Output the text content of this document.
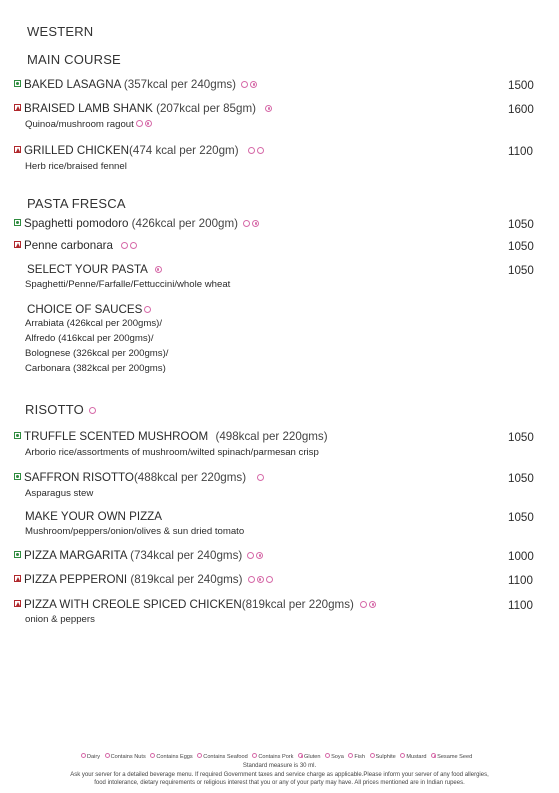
WESTERN
MAIN COURSE
BAKED LASAGNA (357kcal per 240gms)	1500
BRAISED LAMB SHANK (207kcal per 85gm)
Quinoa/mushroom ragout
1600
GRILLED CHICKEN(474 kcal per 220gm)
Herb rice/braised fennel
1100
PASTA FRESCA
Spaghetti pomodoro (426kcal per 200gm)	1050
Penne carbonara	1050
SELECT YOUR PASTA
Spaghetti/Penne/Farfalle/Fettuccini/whole wheat
1050
CHOICE OF SAUCES
Arrabiata (426kcal per 200gms)/
Alfredo (416kcal per 200gms)/
Bolognese (326kcal per 200gms)/
Carbonara (382kcal per 200gms)
RISOTTO
TRUFFLE SCENTED MUSHROOM (498kcal per 220gms)
Arborio rice/assortments of mushroom/wilted spinach/parmesan crisp
1050
SAFFRON RISOTTO(488kcal per 220gms)
Asparagus stew
1050
MAKE YOUR OWN PIZZA
Mushroom/peppers/onion/olives & sun dried tomato
1050
PIZZA MARGARITA (734kcal per 240gms)	1000
PIZZA PEPPERONI (819kcal per 240gms)	1100
PIZZA WITH CREOLE SPICED CHICKEN(819kcal per 220gms)
onion & peppers
1100
Dairy Contains Nuts Contains Eggs Contains Seafood Contains Pork Gluten Soya Fish Sulphite Mustard Sesame Seed
Standard measure is 30 ml.
Ask your server for a detailed beverage menu. If required Government taxes and service charge as applicable.Please inform your server of any food allergies,
food intolerance, dietary requirements or religious interest that you or any of your party may have. All prices mentioned are in Indian rupees.
